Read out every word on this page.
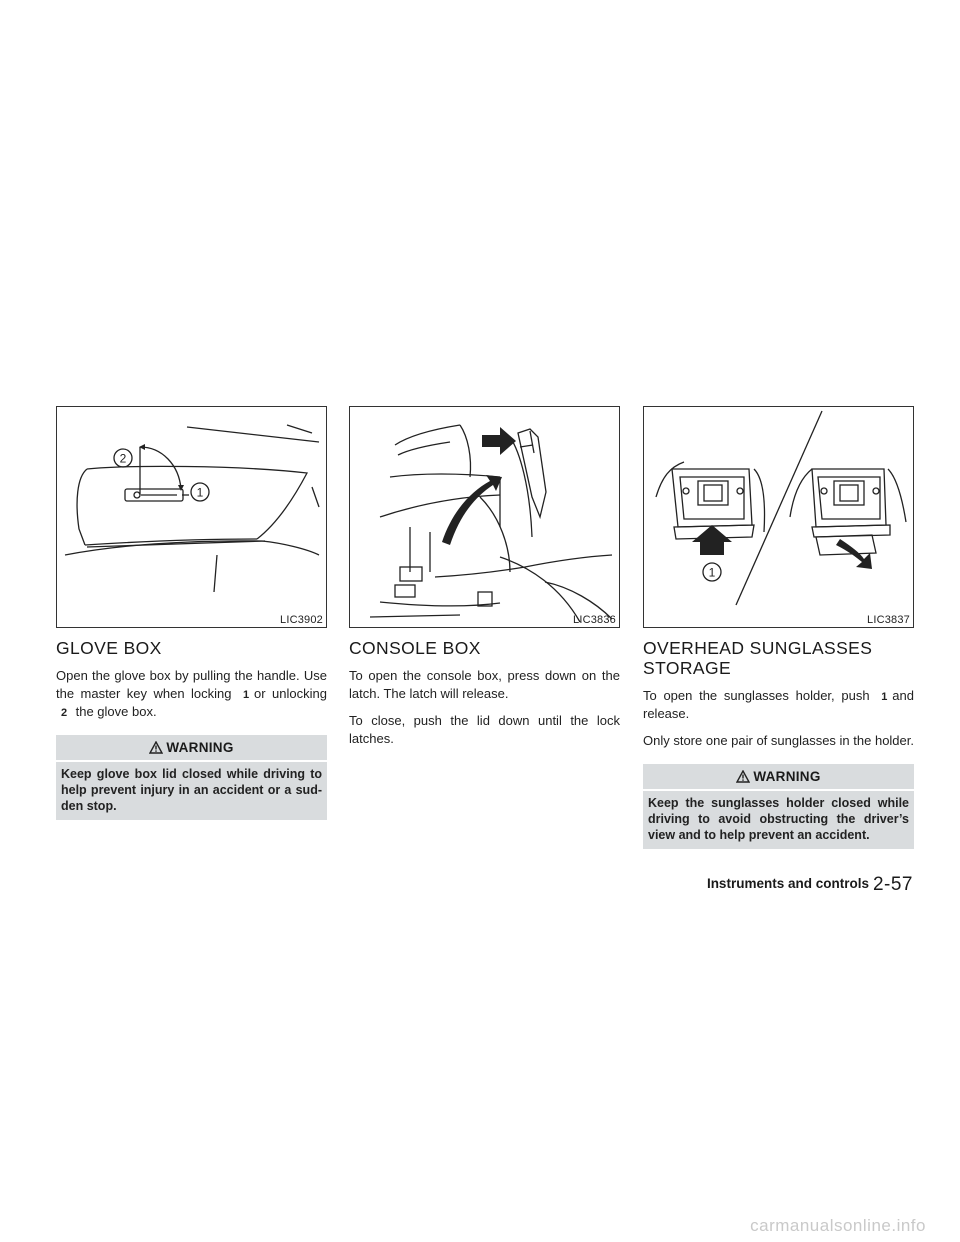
2
1
LIC3902
GLOVE BOX

Open the glove box by pulling the handle. Use the master key when locking 1 or unlocking 2 the glove box.

WARNING
Keep glove box lid closed while driving to help prevent injury in an accident or a sud-den stop.
LIC3836
CONSOLE BOX

To open the console box, press down on the latch. The latch will release.

To close, push the lid down until the lock latches.

1
LIC3837
OVERHEAD SUNGLASSES STORAGE

To open the sunglasses holder, push 1 and release.

Only store one pair of sunglasses in the holder.

WARNING
Keep the sunglasses holder closed while driving to avoid obstructing the driver’s view and to help prevent an accident.
Instruments and controls 2-57
carmanualsonline.info
